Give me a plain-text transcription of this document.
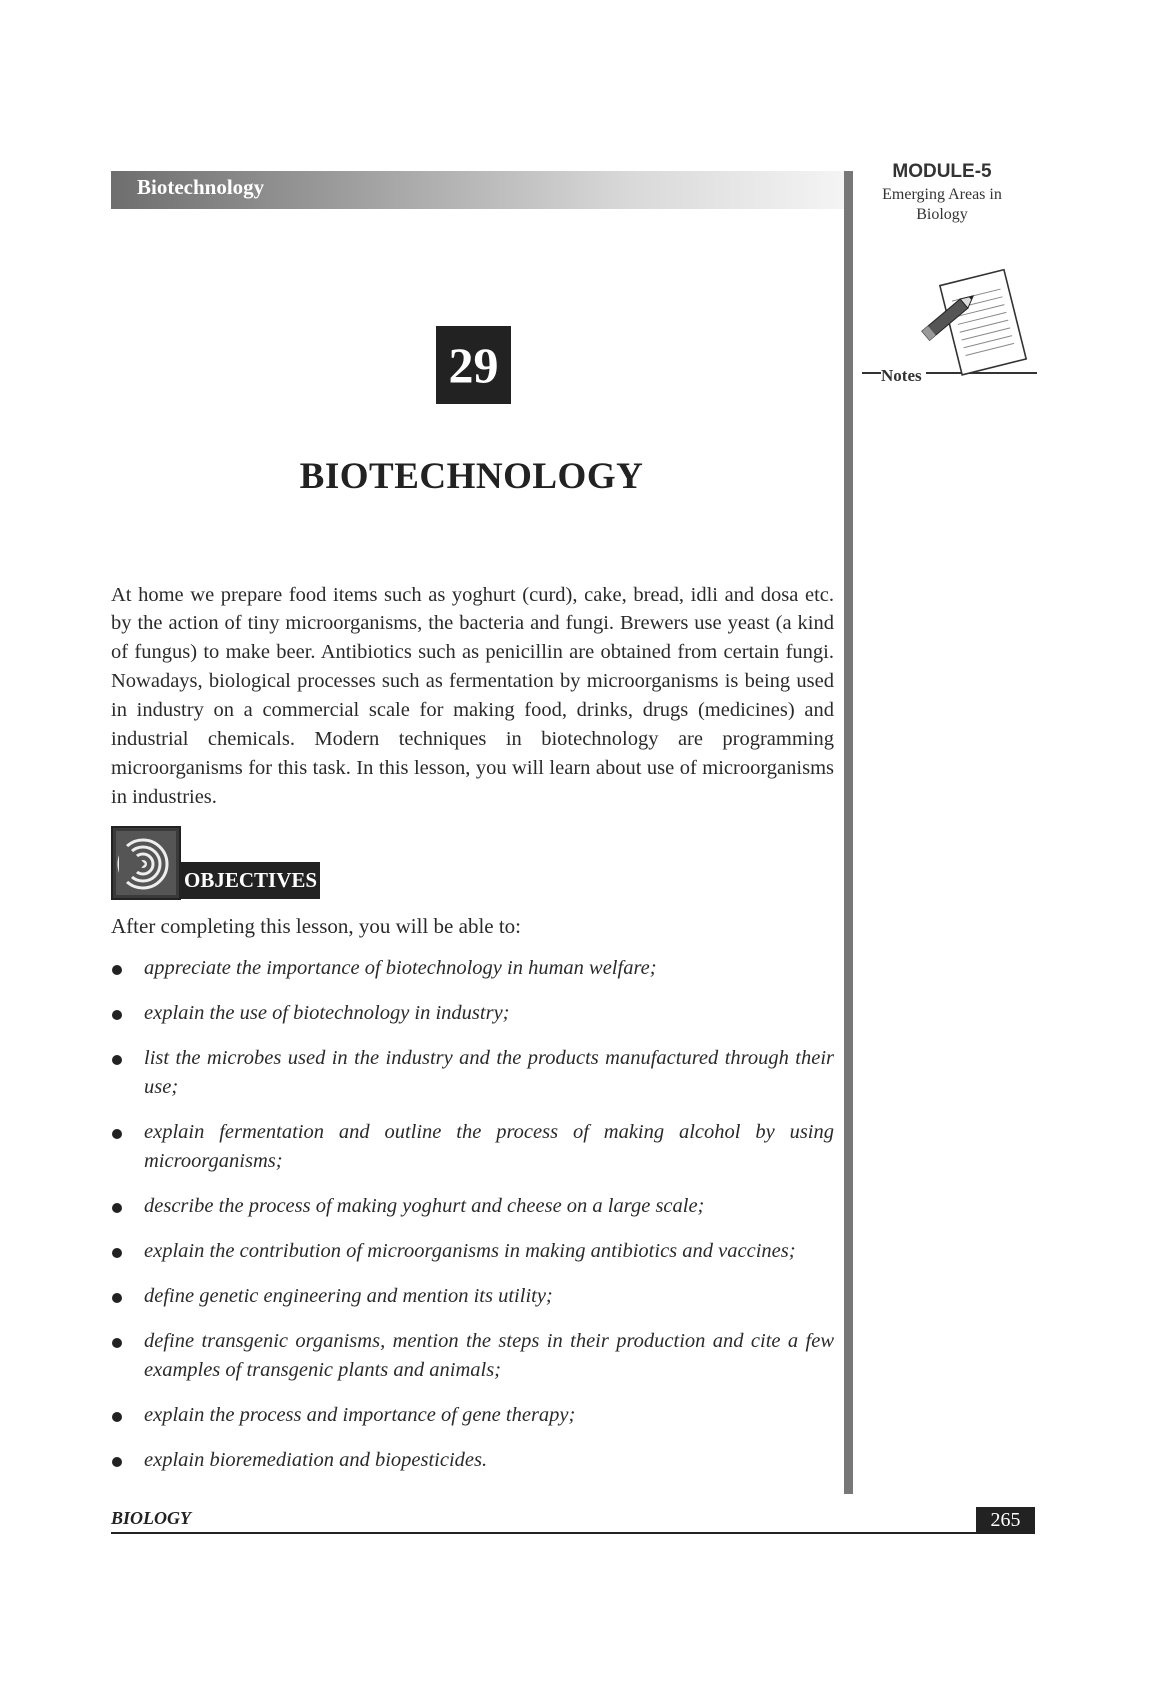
Biotechnology
MODULE-5
Emerging Areas in Biology
Notes
29
BIOTECHNOLOGY

At home we prepare food items such as yoghurt (curd), cake, bread, idli and dosa etc. by the action of tiny microorganisms, the bacteria and fungi. Brewers use yeast (a kind of fungus) to make beer. Antibiotics such as penicillin are obtained from certain fungi. Nowadays, biological processes such as fermentation by microorganisms is being used in industry on a commercial scale for making food, drinks, drugs (medicines) and industrial chemicals. Modern techniques in biotechnology are programming microorganisms for this task. In this lesson, you will learn about use of microorganisms in industries.

OBJECTIVES
After completing this lesson, you will be able to:
appreciate the importance of biotechnology in human welfare;
explain the use of biotechnology in industry;
list the microbes used in the industry and the products manufactured through their use;
explain fermentation and outline the process of making alcohol by using microorganisms;
describe the process of making yoghurt and cheese on a large scale;
explain the contribution of microorganisms in making antibiotics and vaccines;
define genetic engineering and mention its utility;
define transgenic organisms, mention the steps in their production and cite a few examples of transgenic plants and animals;
explain the process and importance of gene therapy;
explain bioremediation and biopesticides.
BIOLOGY	265
